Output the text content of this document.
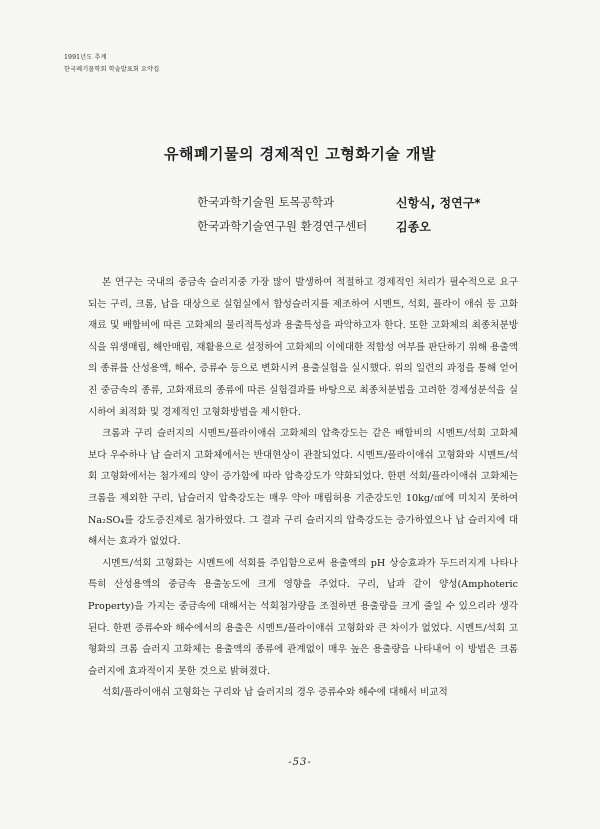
1991년도 추계
한국폐기물학회 학술발표회 요약집
유해폐기물의 경제적인 고형화기술 개발
한국과학기술원 토목공학과	신항식, 정연구*
한국과학기술연구원 환경연구센터 김종오

본 연구는 국내의 중금속 슬러지중 가장 많이 발생하여 적절하고 경제적인 처리가 필수적으로 요구되는 구리, 크롬, 납을 대상으로 실험실에서 합성슬러지를 제조하여 시멘트, 석회, 플라이 애쉬 등 고화재료 및 배합비에 따른 고화체의 물리적특성과 용출특성을 파악하고자 한다. 또한 고화체의 최종처분방식을 위생매립, 해안매립, 재활용으로 설정하여 고화체의 이에대한 적합성 여부를 판단하기 위해 용출액의 종류를 산성용액, 해수, 증류수 등으로 변화시켜 용출실험을 실시했다. 위의 일련의 과정을 통해 얻어진 중금속의 종류, 고화재료의 종류에 따른 실험결과를 바탕으로 최종처분법을 고려한 경제성분석을 실시하여 최적화 및 경제적인 고형화방법을 제시한다.

크롬과 구리 슬러지의 시멘트/플라이애쉬 고화체의 압축강도는 같은 배합비의 시멘트/석회 고화체 보다 우수하나 납 슬러지 고화체에서는 반대현상이 관찰되었다. 시멘트/플라이애쉬 고형화와 시멘트/석회 고형화에서는 첨가제의 양이 증가함에 따라 압축강도가 약화되었다. 한편 석회/플라이애쉬 고화체는 크롬을 제외한 구리, 납슬러지 압축강도는 매우 약아 매립허용 기준강도인 10kg/㎠에 미치지 못하여 Na₂SO₄를 강도증진제로 첨가하였다. 그 결과 구리 슬러지의 압축강도는 증가하였으나 납 슬러지에 대해서는 효과가 없었다.

시멘트/석회 고형화는 시멘트에 석회를 주입함으로써 용출액의 pH 상승효과가 두드러지게 나타나 특히 산성용액의 중금속 용출농도에 크게 영향을 주었다. 구리, 납과 같이 양성(Amphoteric Property)을 가지는 중금속에 대해서는 석회첨가량을 조절하면 용출량을 크게 줄일 수 있으리라 생각된다. 한편 증류수와 해수에서의 용출은 시멘트/플라이애쉬 고형화와 큰 차이가 없었다. 시멘트/석회 고형화의 크롬 슬러지 고화체는 용출액의 종류에 관계없이 매우 높은 용출량을 나타내어 이 방법은 크롬 슬러지에 효과적이지 못한 것으로 밝혀졌다.

석회/플라이애쉬 고형화는 구리와 납 슬러지의 경우 증류수와 해수에 대해서 비교적

-53-
